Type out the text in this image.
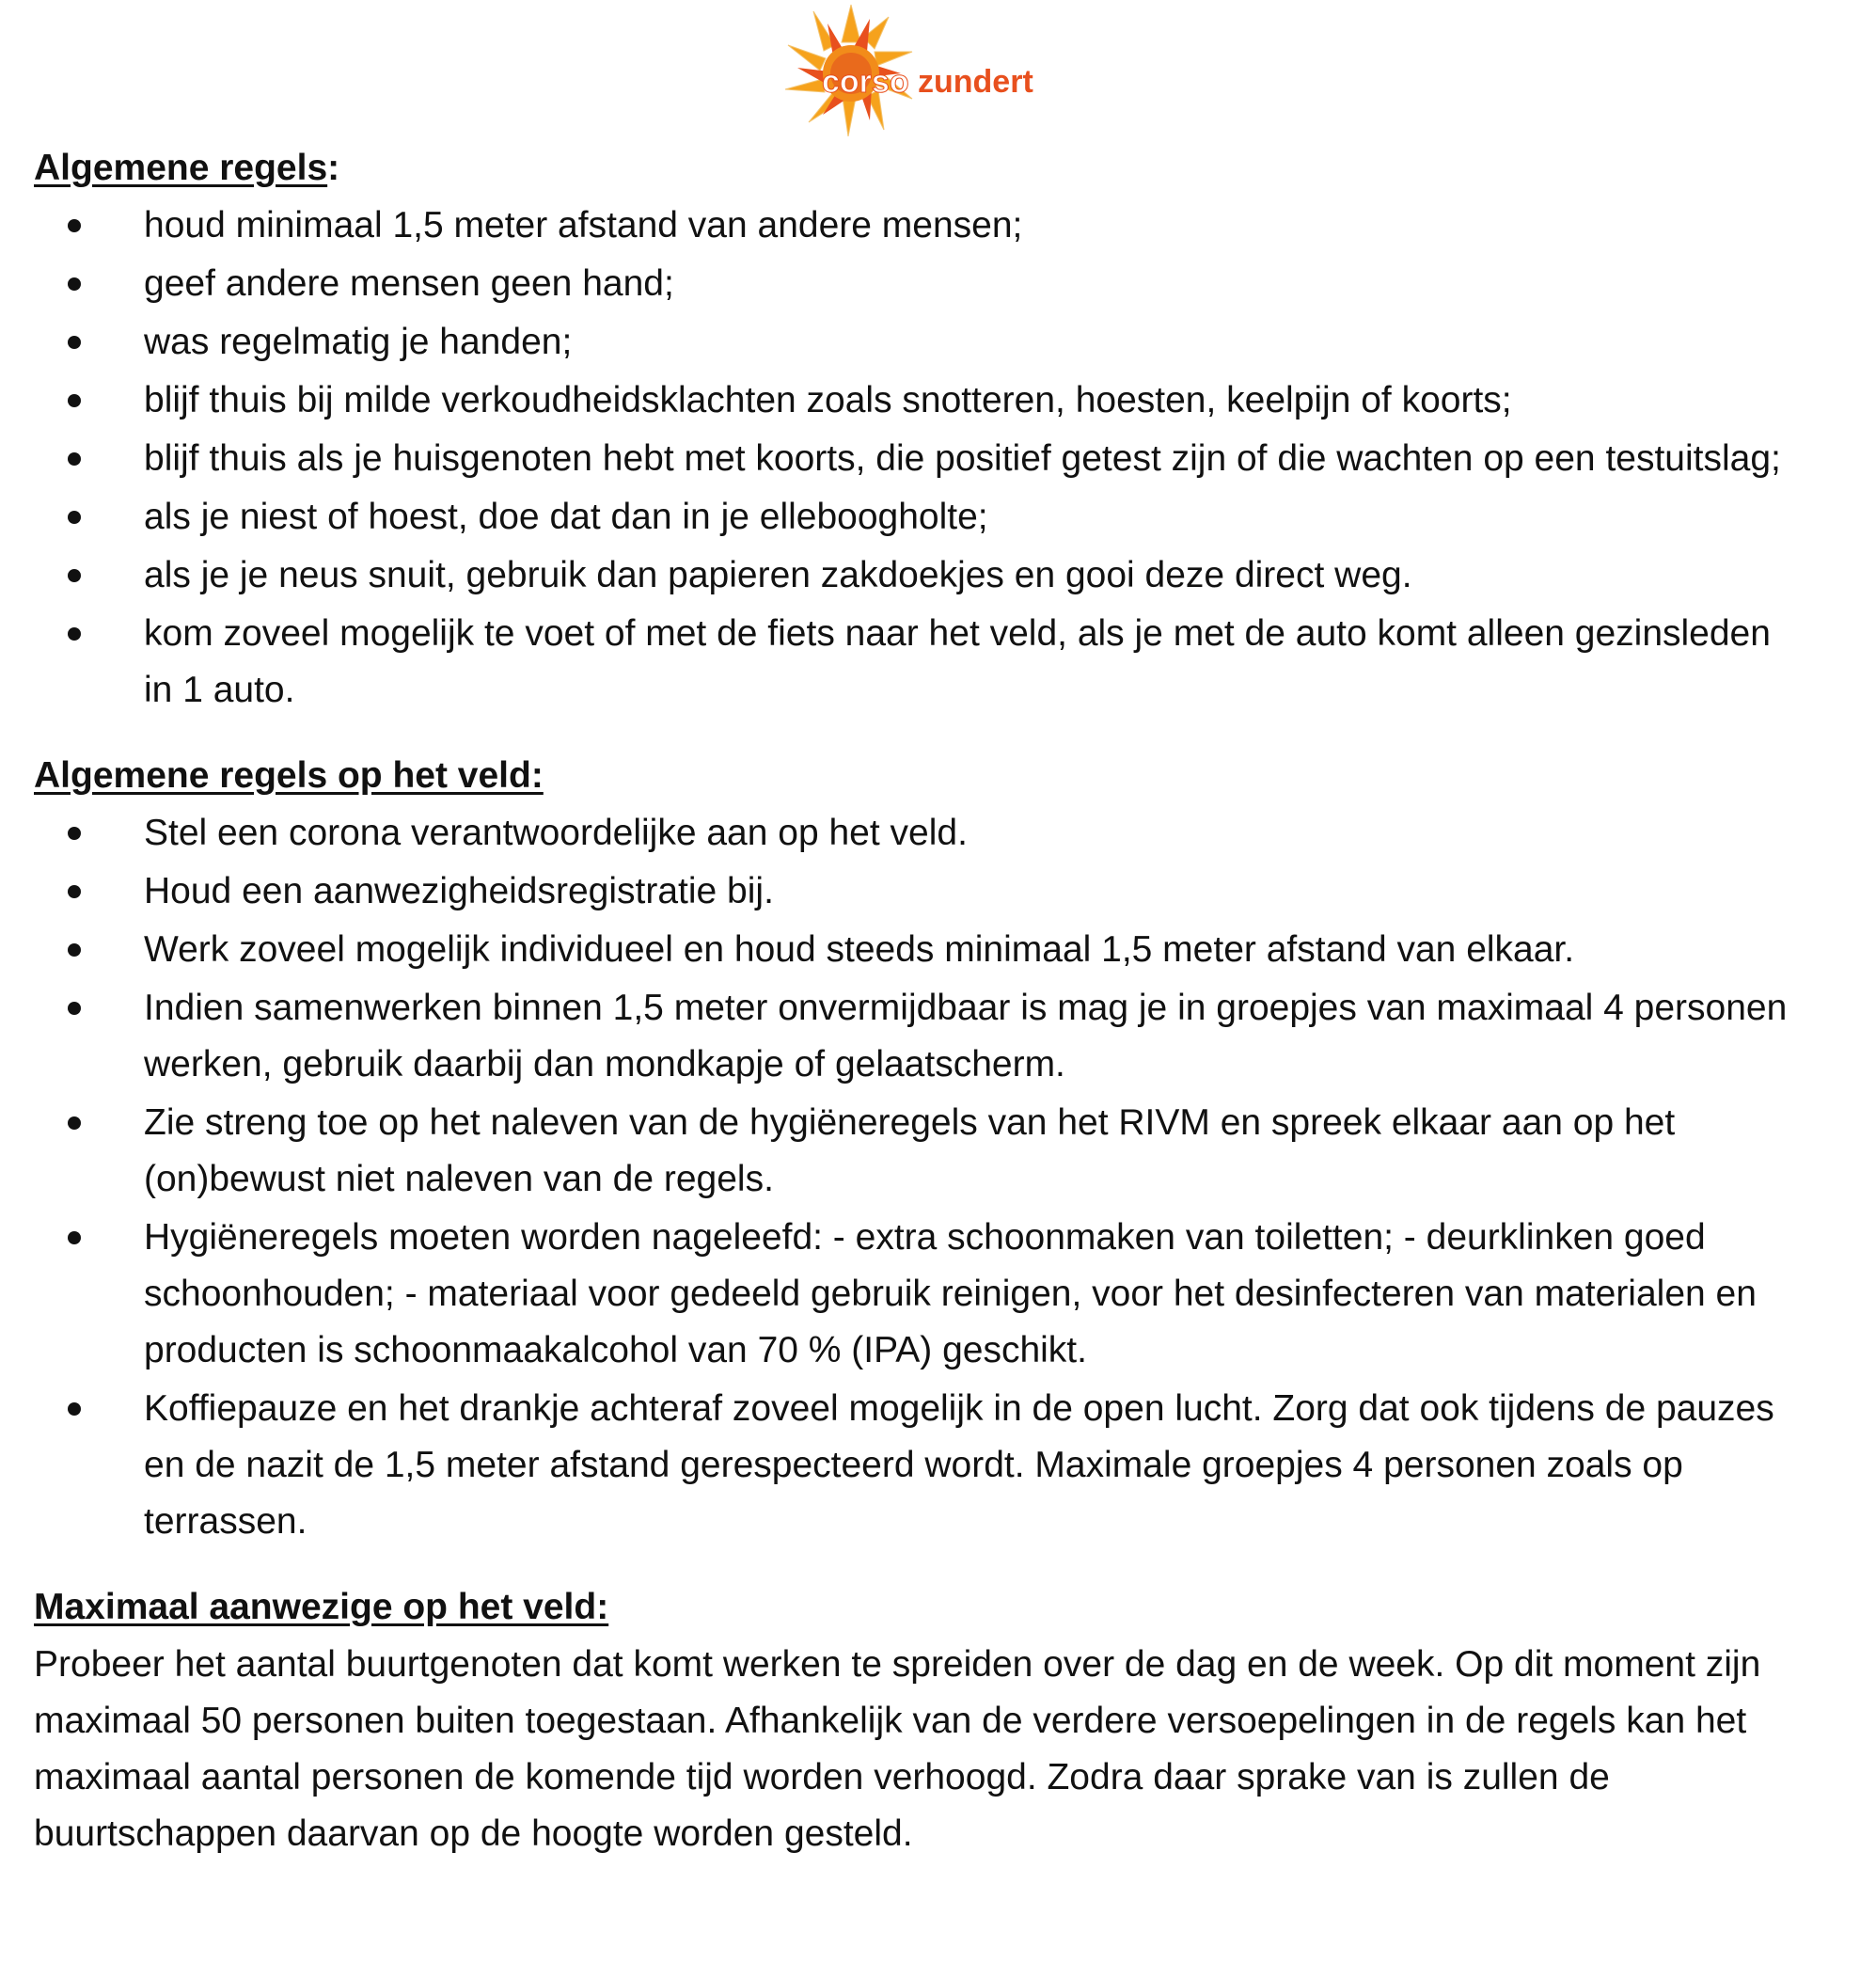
corso zundert
Algemene regels:
houd minimaal 1,5 meter afstand van andere mensen;
geef andere mensen geen hand;
was regelmatig je handen;
blijf thuis bij milde verkoudheidsklachten zoals snotteren, hoesten, keelpijn of koorts;
blijf thuis als je huisgenoten hebt met koorts, die positief getest zijn of die wachten op een testuitslag;
als je niest of hoest, doe dat dan in je elleboogholte;
als je je neus snuit, gebruik dan papieren zakdoekjes en gooi deze direct weg.
kom zoveel mogelijk te voet of met de fiets naar het veld, als je met de auto komt alleen gezinsleden in 1 auto.
Algemene regels op het veld:
Stel een corona verantwoordelijke aan op het veld.
Houd een aanwezigheidsregistratie bij.
Werk zoveel mogelijk individueel en houd steeds minimaal 1,5 meter afstand van elkaar.
Indien samenwerken binnen 1,5 meter onvermijdbaar is mag je in groepjes van maximaal 4 personen werken, gebruik daarbij dan mondkapje of gelaatscherm.
Zie streng toe op het naleven van de hygiëneregels van het RIVM en spreek elkaar aan op het (on)bewust niet naleven van de regels.
Hygiëneregels moeten worden nageleefd: - extra schoonmaken van toiletten; - deurklinken goed schoonhouden; - materiaal voor gedeeld gebruik reinigen, voor het desinfecteren van materialen en producten is schoonmaakalcohol van 70 % (IPA) geschikt.
Koffiepauze en het drankje achteraf zoveel mogelijk in de open lucht. Zorg dat ook tijdens de pauzes en de nazit de 1,5 meter afstand gerespecteerd wordt. Maximale groepjes 4 personen zoals op terrassen.
Maximaal aanwezige op het veld:

Probeer het aantal buurtgenoten dat komt werken te spreiden over de dag en de week. Op dit moment zijn maximaal 50 personen buiten toegestaan. Afhankelijk van de verdere versoepelingen in de regels kan het maximaal aantal personen de komende tijd worden verhoogd. Zodra daar sprake van is zullen de buurtschappen daarvan op de hoogte worden gesteld.
